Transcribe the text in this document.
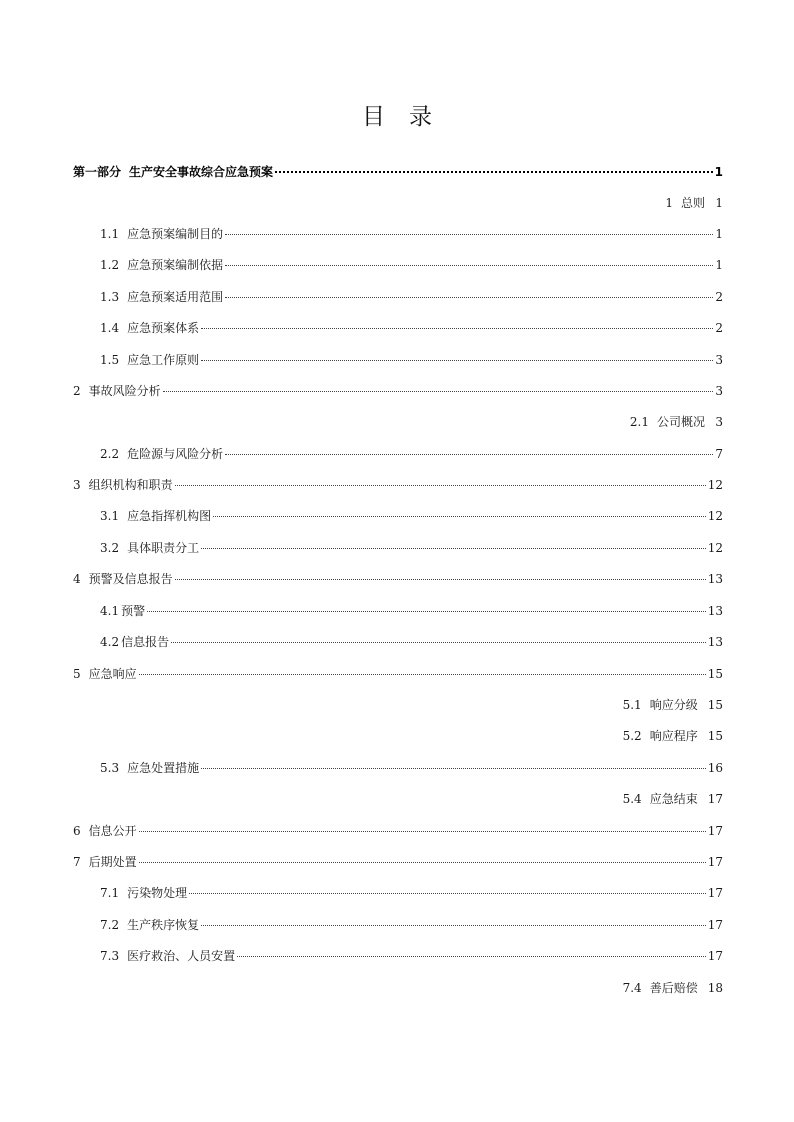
目录
第一部分 生产安全事故综合应急预案	1
1 总则 1
1.1 应急预案编制目的	1
1.2 应急预案编制依据	1
1.3 应急预案适用范围	2
1.4 应急预案体系	2
1.5 应急工作原则	3
2 事故风险分析	3
2.1 公司概况 3
2.2 危险源与风险分析	7
3 组织机构和职责	12
3.1 应急指挥机构图	12
3.2 具体职责分工	12
4 预警及信息报告	13
4.1 预警	13
4.2 信息报告	13
5 应急响应	15
5.1 响应分级 15
5.2 响应程序 15
5.3 应急处置措施	16
5.4 应急结束 17
6 信息公开	17
7 后期处置	17
7.1 污染物处理	17
7.2 生产秩序恢复	17
7.3 医疗救治、人员安置	17
7.4 善后赔偿 18
